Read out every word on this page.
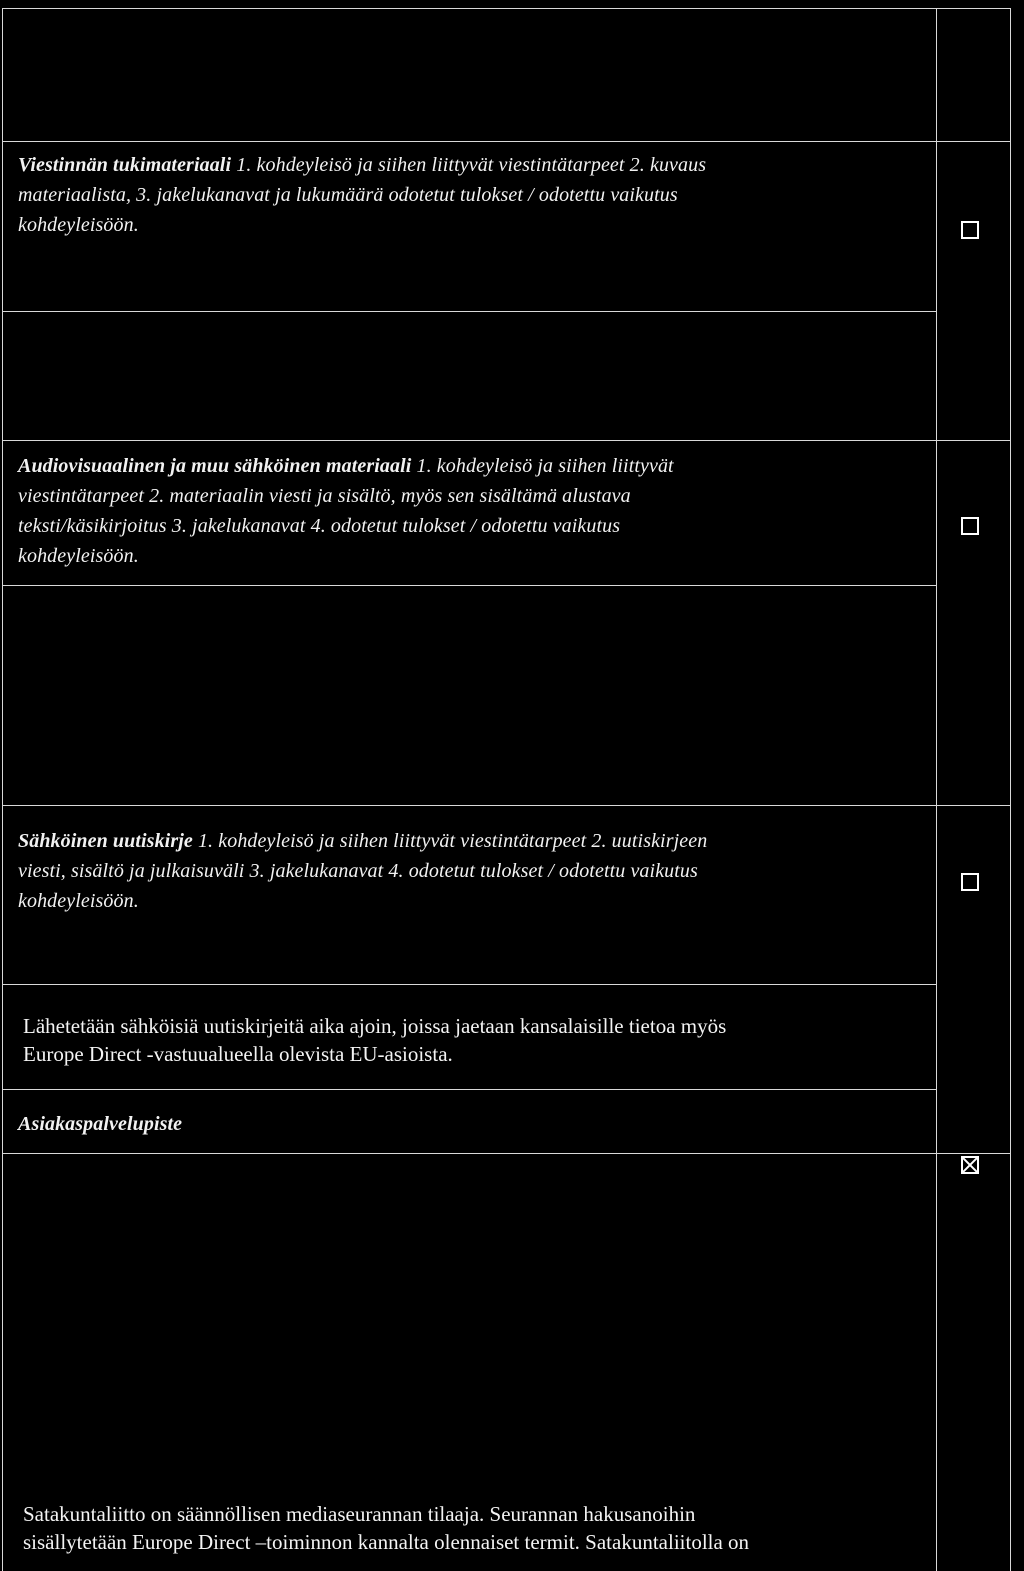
Viestinnän tukimateriaali 1. kohdeyleisö ja siihen liittyvät viestintätarpeet 2. kuvaus
materiaalista, 3. jakelukanavat ja lukumäärä odotetut tulokset / odotettu vaikutus
kohdeyleisöön.
Audiovisuaalinen ja muu sähköinen materiaali 1. kohdeyleisö ja siihen liittyvät
viestintätarpeet 2. materiaalin viesti ja sisältö, myös sen sisältämä alustava
teksti/käsikirjoitus 3. jakelukanavat 4. odotetut tulokset / odotettu vaikutus
kohdeyleisöön.
Sähköinen uutiskirje 1. kohdeyleisö ja siihen liittyvät viestintätarpeet 2. uutiskirjeen
viesti, sisältö ja julkaisuväli 3. jakelukanavat 4. odotetut tulokset / odotettu vaikutus
kohdeyleisöön.
Lähetetään sähköisiä uutiskirjeitä aika ajoin, joissa jaetaan kansalaisille tietoa myös
Europe Direct -vastuualueella olevista EU-asioista.
Asiakaspalvelupiste
Satakuntaliitto on säännöllisen mediaseurannan tilaaja. Seurannan hakusanoihin
sisällytetään Europe Direct –toiminnon kannalta olennaiset termit. Satakuntaliitolla on
